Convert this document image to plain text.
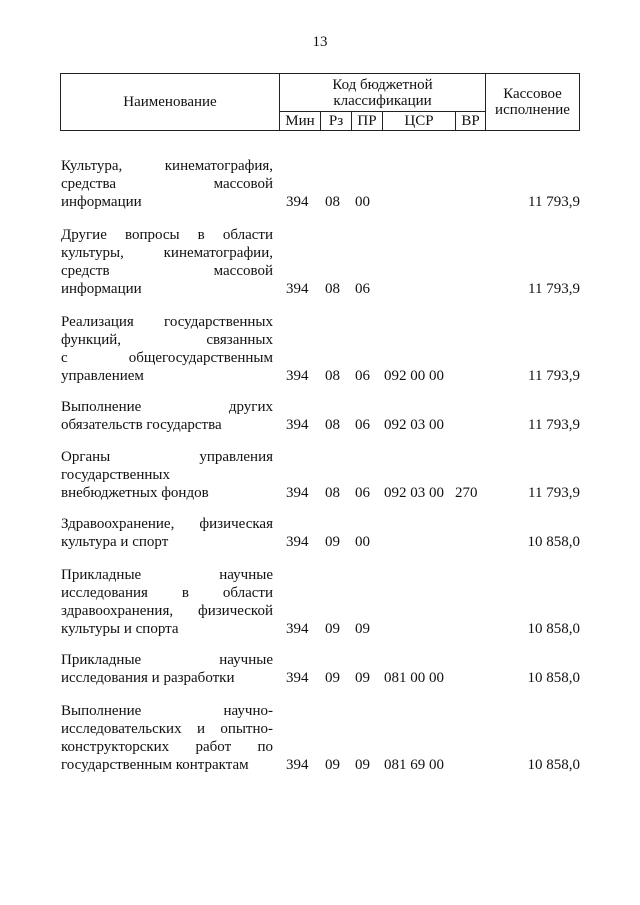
13
Наименование
Код бюджетной классификации
Мин Рз ПР	ЦСР	ВР
Кассовое исполнение
Культура, кинематография,
средства массовой
информации	394 08 00	11 793,9
Другие вопросы в области
культуры, кинематографии,
средств массовой
информации	394 08 06	11 793,9
Реализация государственных
функций, связанных
с общегосударственным
управлением	394 08 06 092 00 00	11 793,9
Выполнение других
обязательств государства	394 08 06 092 03 00	11 793,9
Органы управления
государственных
внебюджетных фондов	394 08 06 092 03 00 270	11 793,9
Здравоохранение, физическая
культура и спорт	394 09 00	10 858,0
Прикладные научные
исследования в области
здравоохранения, физической
культуры и спорта	394 09 09	10 858,0
Прикладные научные
исследования и разработки	394 09 09 081 00 00	10 858,0
Выполнение научно-
исследовательских и опытно-
конструкторских работ по
государственным контрактам	394 09 09 081 69 00	10 858,0
